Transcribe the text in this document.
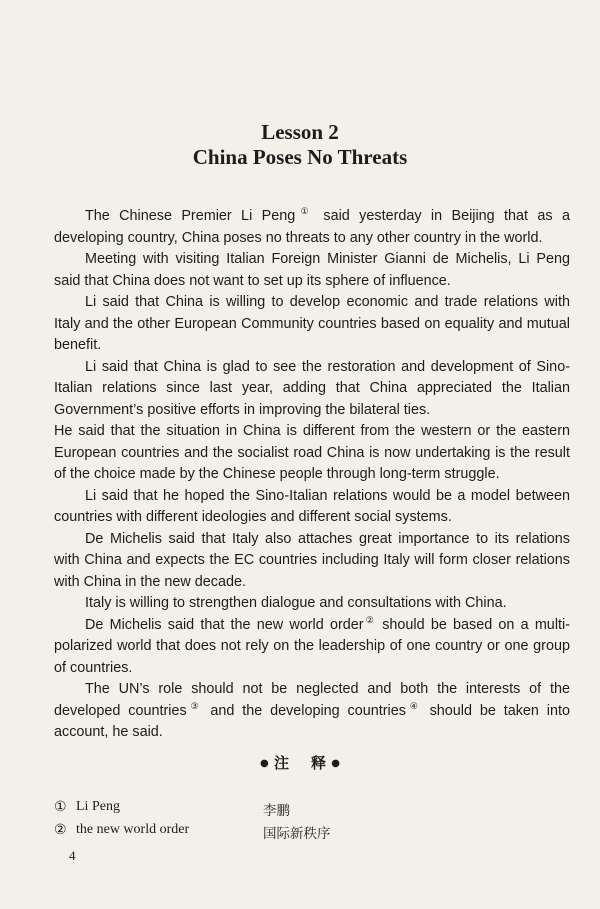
Lesson 2
China Poses No Threats

The Chinese Premier Li Peng① said yesterday in Beijing that as a developing country, China poses no threats to any other country in the world.

Meeting with visiting Italian Foreign Minister Gianni de Michelis, Li Peng said that China does not want to set up its sphere of influence.

Li said that China is willing to develop economic and trade relations with Italy and the other European Community countries based on equality and mutual benefit.

Li said that China is glad to see the restoration and development of Sino-Italian relations since last year, adding that China appreciated the Italian Government’s positive efforts in improving the bilateral ties.

He said that the situation in China is different from the western or the eastern European countries and the socialist road China is now undertaking is the result of the choice made by the Chinese people through long-term struggle.

Li said that he hoped the Sino-Italian relations would be a model between countries with different ideologies and different social systems.

De Michelis said that Italy also attaches great importance to its relations with China and expects the EC countries including Italy will form closer relations with China in the new decade.

Italy is willing to strengthen dialogue and consultations with China.

De Michelis said that the new world order② should be based on a multi-polarized world that does not rely on the leadership of one country or one group of countries.

The UN’s role should not be neglected and both the interests of the developed countries③ and the developing countries④ should be taken into account, he said.

● 注 释 ●
① Li Peng	李鹏
② the new world order	国际新秩序
4
